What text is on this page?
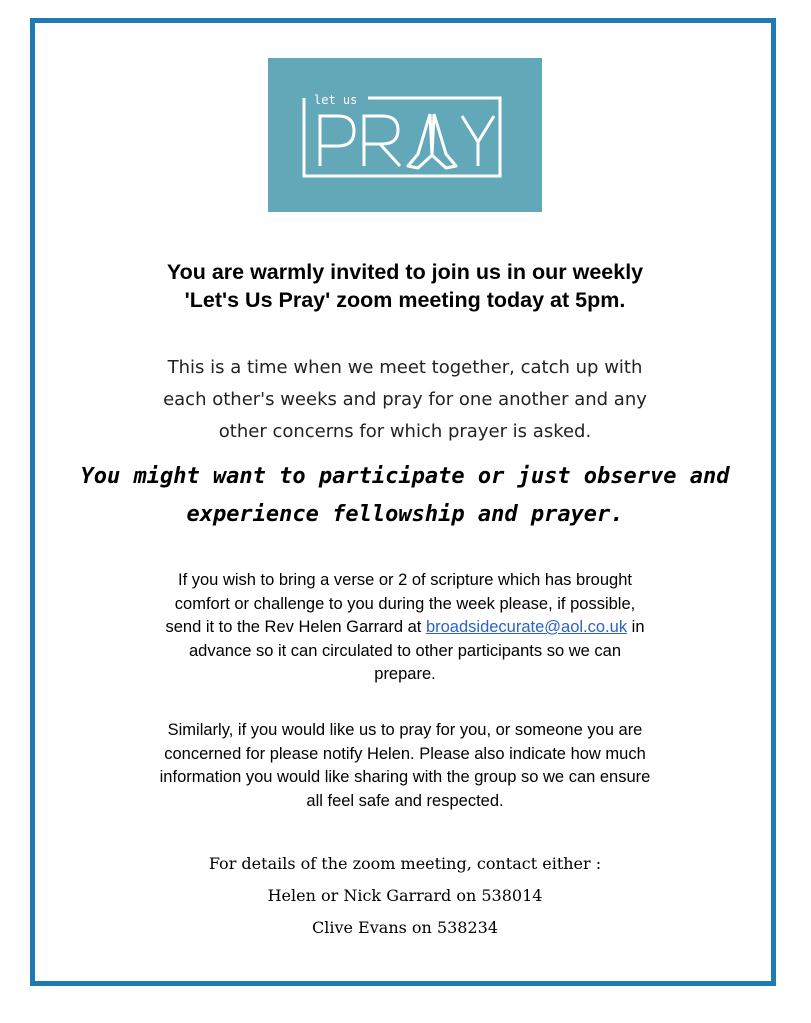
let us
You are warmly invited to join us in our weekly
'Let's Us Pray' zoom meeting today at 5pm.
This is a time when we meet together, catch up with
each other's weeks and pray for one another and any
other concerns for which prayer is asked.
You might want to participate or just observe and
experience fellowship and prayer.
If you wish to bring a verse or 2 of scripture which has brought
comfort or challenge to you during the week please, if possible,
send it to the Rev Helen Garrard at broadsidecurate@aol.co.uk in
advance so it can circulated to other participants so we can
prepare.
Similarly, if you would like us to pray for you, or someone you are
concerned for please notify Helen. Please also indicate how much
information you would like sharing with the group so we can ensure
all feel safe and respected.
For details of the zoom meeting, contact either :
Helen or Nick Garrard on 538014
Clive Evans on 538234
